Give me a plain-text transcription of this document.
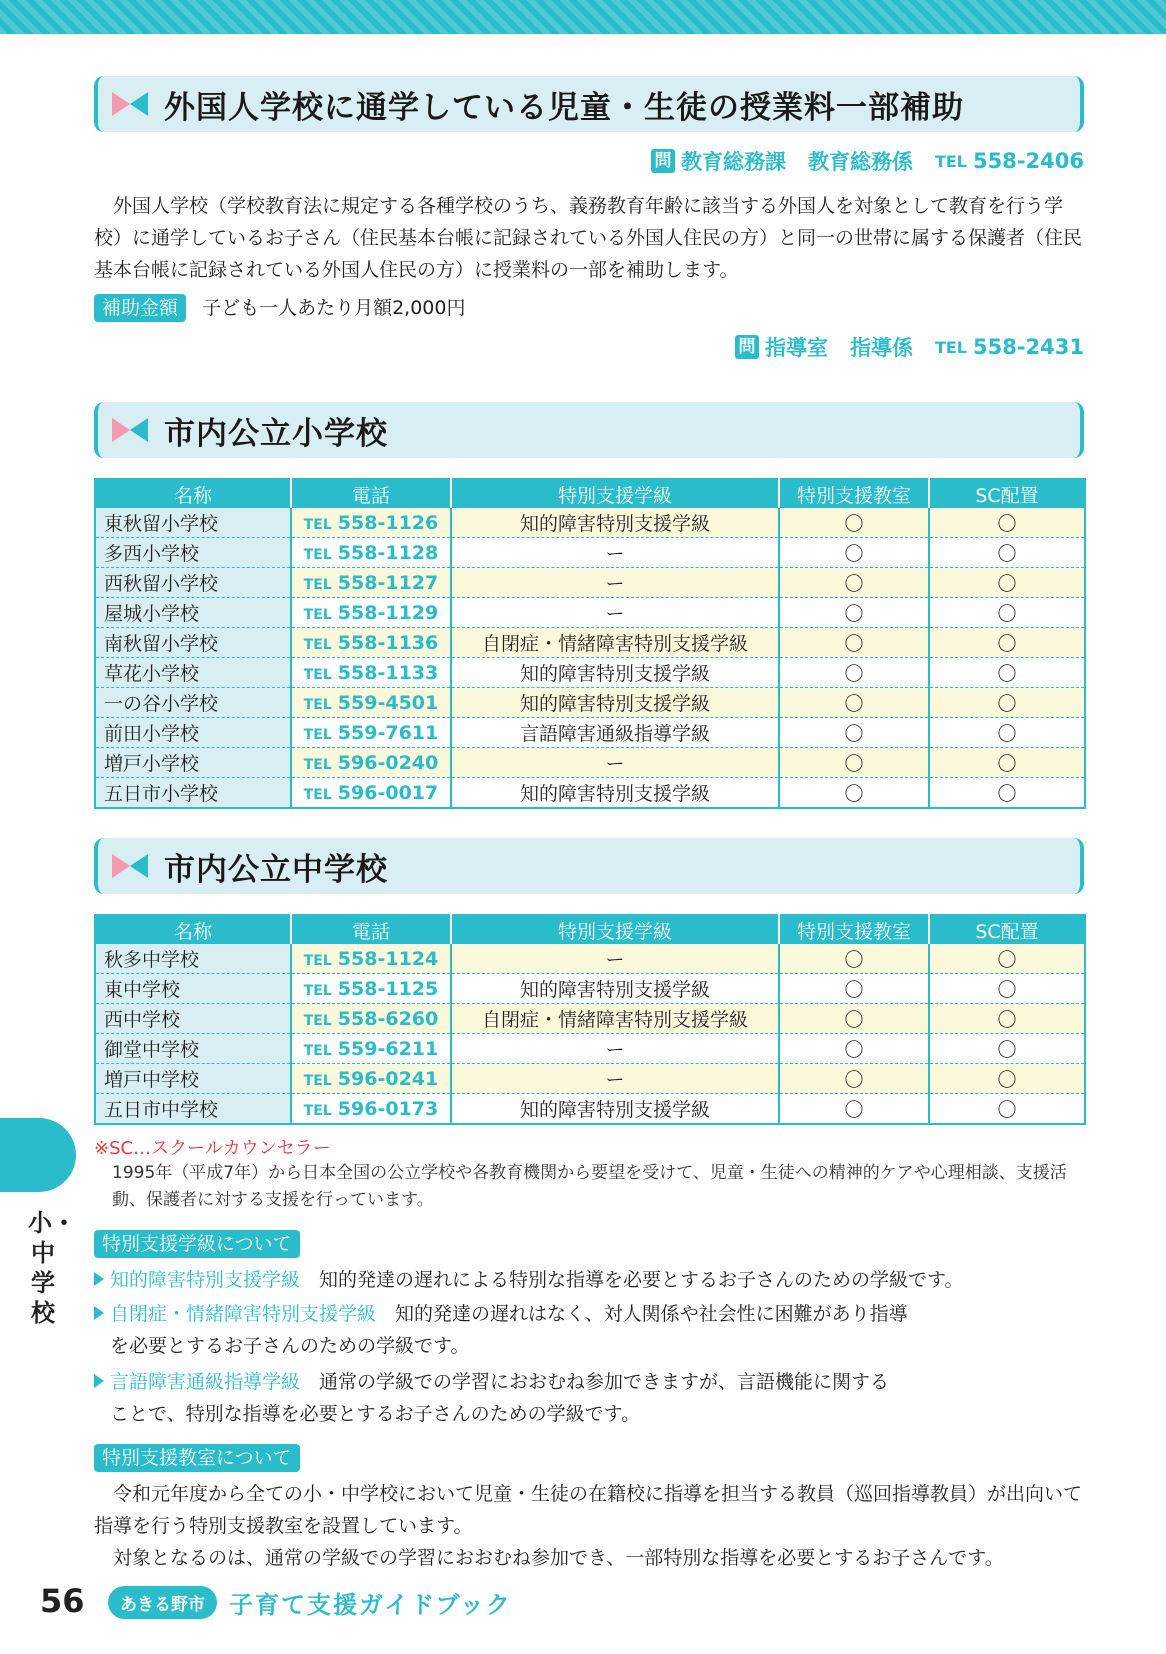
外国人学校に通学している児童・生徒の授業料一部補助
問 教育総務課 教育総務係 TEL 558-2406
外国人学校（学校教育法に規定する各種学校のうち、義務教育年齢に該当する外国人を対象として教育を行う学校）に通学しているお子さん（住民基本台帳に記録されている外国人住民の方）と同一の世帯に属する保護者（住民基本台帳に記録されている外国人住民の方）に授業料の一部を補助します。
補助金額 子ども一人あたり月額2,000円
問 指導室 指導係 TEL 558-2431
市内公立小学校
名称	電話	特別支援学級	特別支援教室	SC配置
東秋留小学校	TEL 558-1126	知的障害特別支援学級	〇	〇
多西小学校	TEL 558-1128	ー	〇	〇
西秋留小学校	TEL 558-1127	ー	〇	〇
屋城小学校	TEL 558-1129	ー	〇	〇
南秋留小学校	TEL 558-1136	自閉症・情緒障害特別支援学級	〇	〇
草花小学校	TEL 558-1133	知的障害特別支援学級	〇	〇
一の谷小学校	TEL 559-4501	知的障害特別支援学級	〇	〇
前田小学校	TEL 559-7611	言語障害通級指導学級	〇	〇
増戸小学校	TEL 596-0240	ー	〇	〇
五日市小学校	TEL 596-0017	知的障害特別支援学級	〇	〇
市内公立中学校
名称	電話	特別支援学級	特別支援教室	SC配置
秋多中学校	TEL 558-1124	ー	〇	〇
東中学校	TEL 558-1125	知的障害特別支援学級	〇	〇
西中学校	TEL 558-6260	自閉症・情緒障害特別支援学級	〇	〇
御堂中学校	TEL 559-6211	ー	〇	〇
増戸中学校	TEL 596-0241	ー	〇	〇
五日市中学校	TEL 596-0173	知的障害特別支援学級	〇	〇
※SC…スクールカウンセラー
1995年（平成7年）から日本全国の公立学校や各教育機関から要望を受けて、児童・生徒への精神的ケアや心理相談、支援活動、保護者に対する支援を行っています。
特別支援学級について
知的障害特別支援学級　 知的発達の遅れによる特別な指導を必要とするお子さんのための学級です。
自閉症・情緒障害特別支援学級　 知的発達の遅れはなく、対人関係や社会性に困難があり指導
を必要とするお子さんのための学級です。
言語障害通級指導学級　 通常の学級での学習におおむね参加できますが、言語機能に関する
ことで、特別な指導を必要とするお子さんのための学級です。
特別支援教室について
令和元年度から全ての小・中学校において児童・生徒の在籍校に指導を担当する教員（巡回指導教員）が出向いて指導を行う特別支援教室を設置しています。
対象となるのは、通常の学級での学習におおむね参加でき、一部特別な指導を必要とするお子さんです。
小・中学校
56	あきる野市	子育て支援ガイドブック
